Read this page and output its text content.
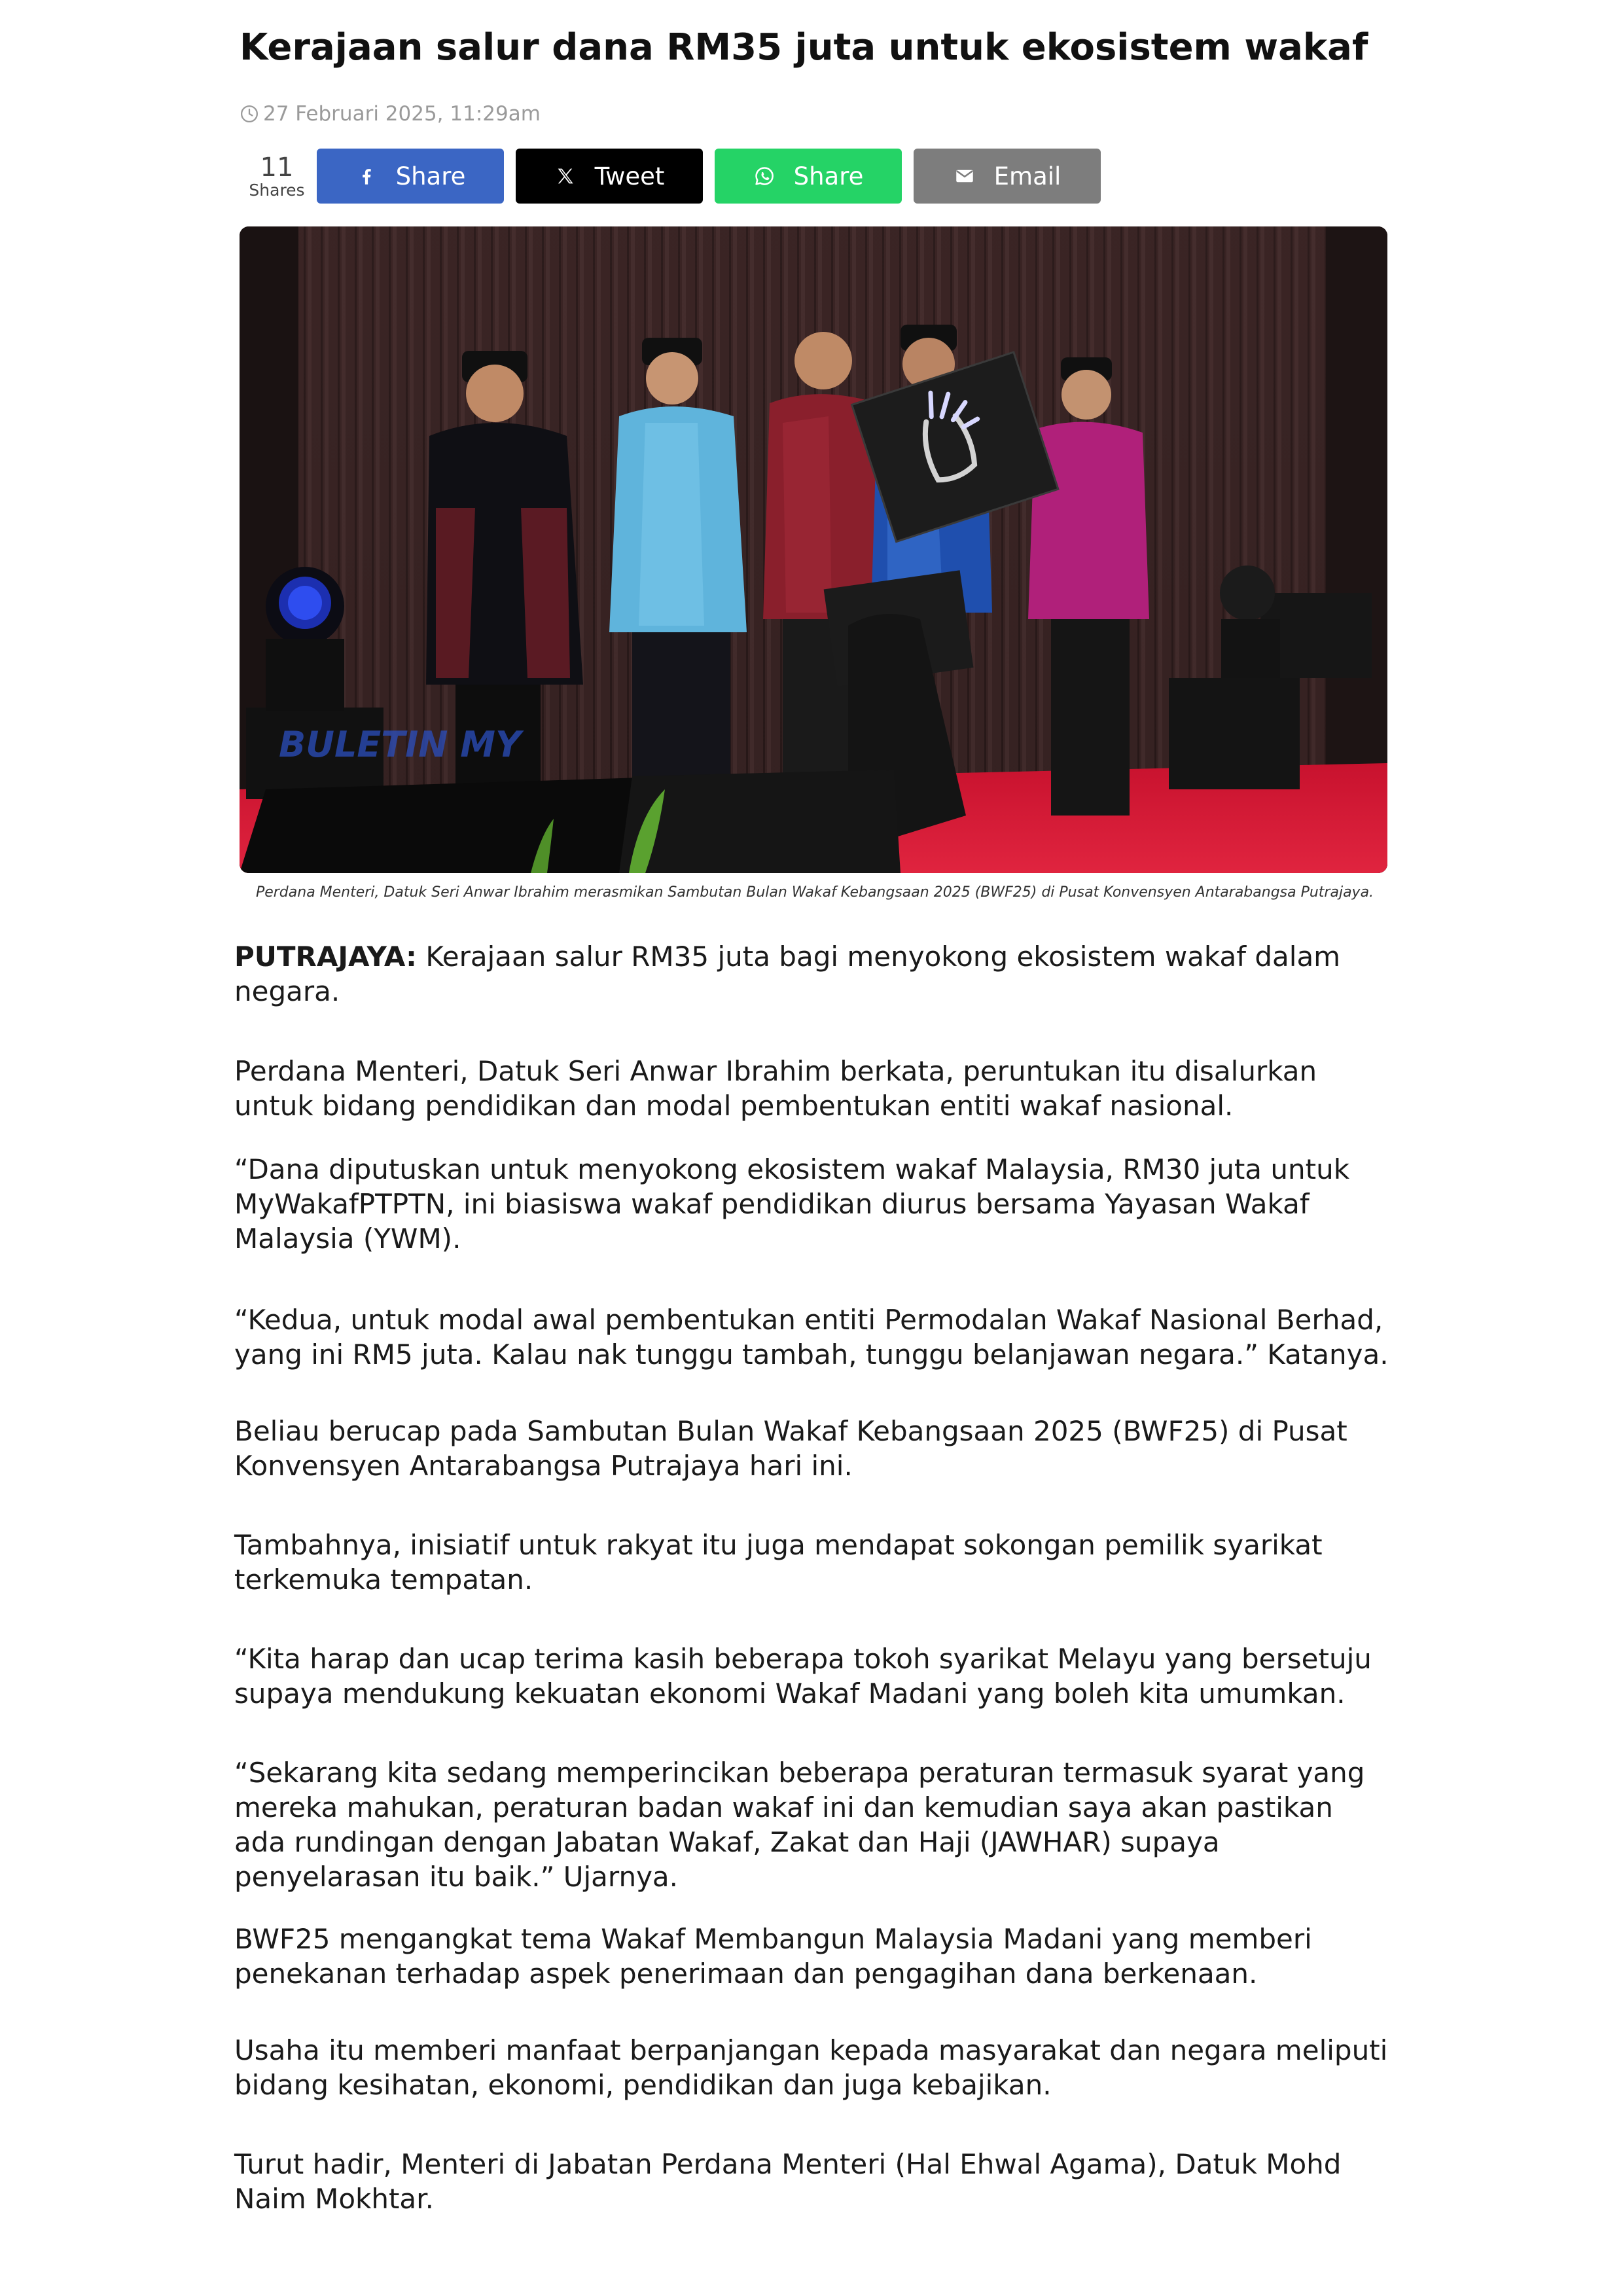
Kerajaan salur dana RM35 juta untuk ekosistem wakaf
27 Februari 2025, 11:29am
11
Shares	Share	Tweet	Share	Email
BULETIN MY
Perdana Menteri, Datuk Seri Anwar Ibrahim merasmikan Sambutan Bulan Wakaf Kebangsaan 2025 (BWF25) di Pusat Konvensyen Antarabangsa Putrajaya.

PUTRAJAYA: Kerajaan salur RM35 juta bagi menyokong ekosistem wakaf dalam negara.

Perdana Menteri, Datuk Seri Anwar Ibrahim berkata, peruntukan itu disalurkan untuk bidang pendidikan dan modal pembentukan entiti wakaf nasional.

“Dana diputuskan untuk menyokong ekosistem wakaf Malaysia, RM30 juta untuk MyWakafPTPTN, ini biasiswa wakaf pendidikan diurus bersama Yayasan Wakaf Malaysia (YWM).

“Kedua, untuk modal awal pembentukan entiti Permodalan Wakaf Nasional Berhad, yang ini RM5 juta. Kalau nak tunggu tambah, tunggu belanjawan negara.” Katanya.

Beliau berucap pada Sambutan Bulan Wakaf Kebangsaan 2025 (BWF25) di Pusat Konvensyen Antarabangsa Putrajaya hari ini.

Tambahnya, inisiatif untuk rakyat itu juga mendapat sokongan pemilik syarikat terkemuka tempatan.

“Kita harap dan ucap terima kasih beberapa tokoh syarikat Melayu yang bersetuju supaya mendukung kekuatan ekonomi Wakaf Madani yang boleh kita umumkan.

“Sekarang kita sedang memperincikan beberapa peraturan termasuk syarat yang mereka mahukan, peraturan badan wakaf ini dan kemudian saya akan pastikan ada rundingan dengan Jabatan Wakaf, Zakat dan Haji (JAWHAR) supaya penyelarasan itu baik.” Ujarnya.

BWF25 mengangkat tema Wakaf Membangun Malaysia Madani yang memberi penekanan terhadap aspek penerimaan dan pengagihan dana berkenaan.

Usaha itu memberi manfaat berpanjangan kepada masyarakat dan negara meliputi bidang kesihatan, ekonomi, pendidikan dan juga kebajikan.

Turut hadir, Menteri di Jabatan Perdana Menteri (Hal Ehwal Agama), Datuk Mohd Naim Mokhtar.
